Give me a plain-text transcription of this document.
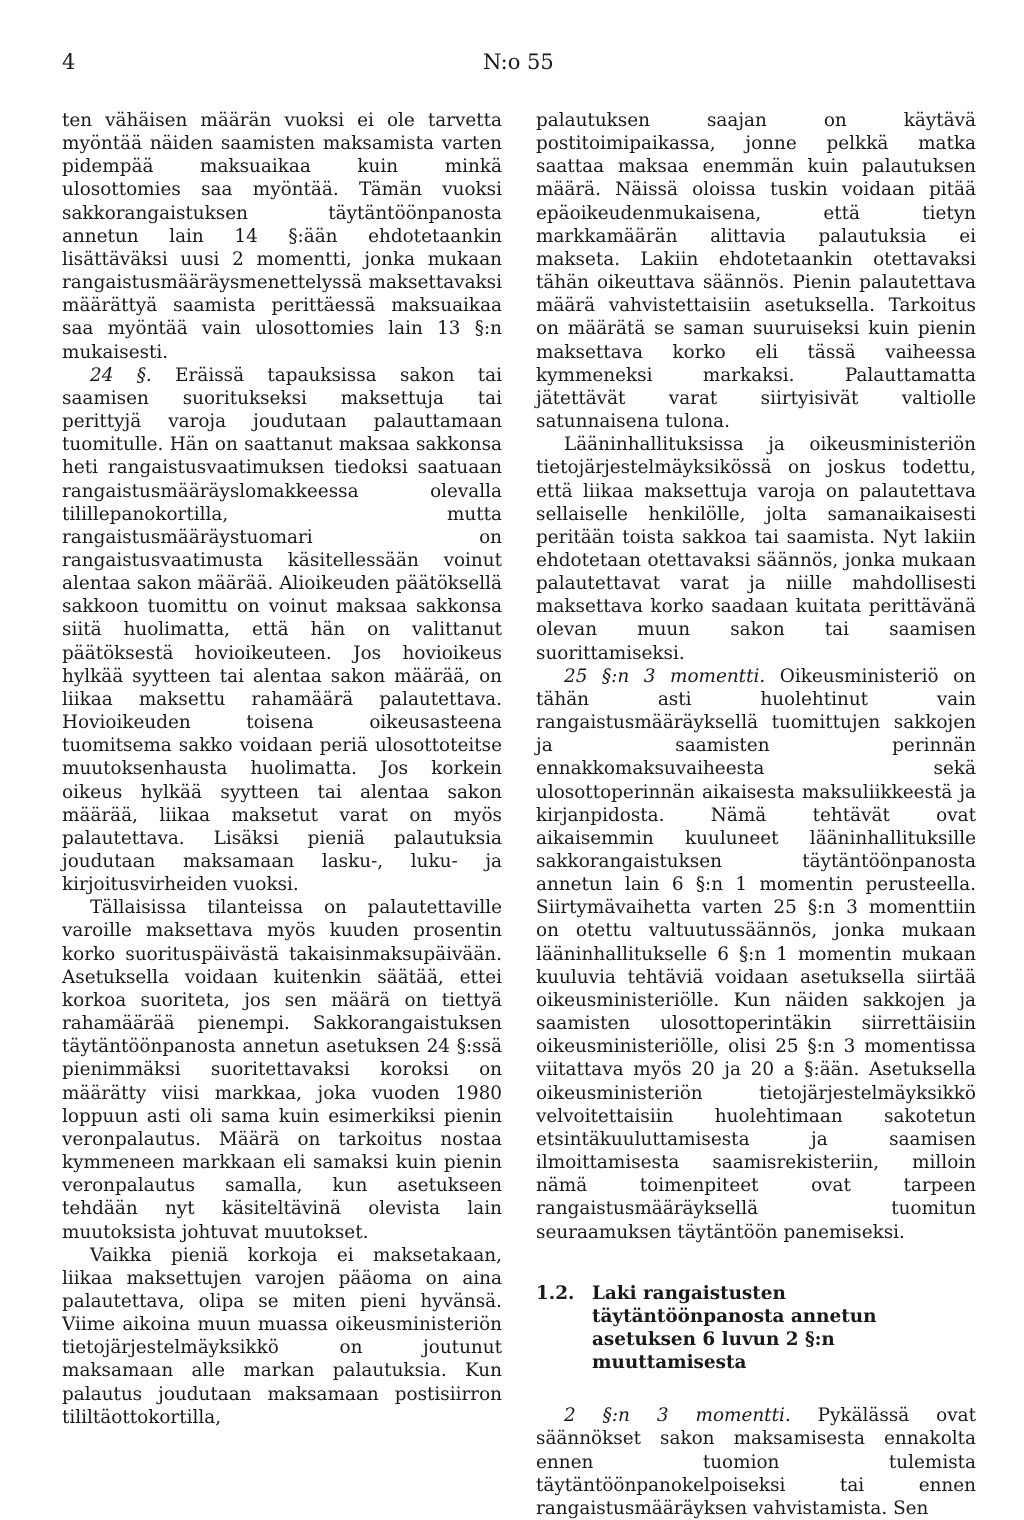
4	N:o 55

ten vähäisen määrän vuoksi ei ole tarvetta myöntää näiden saamisten maksamista varten pidempää maksuaikaa kuin minkä ulosottomies saa myöntää. Tämän vuoksi sakkorangaistuksen täytäntöönpanosta annetun lain 14 §:ään ehdotetaankin lisättäväksi uusi 2 momentti, jonka mukaan rangaistusmääräysmenettelyssä maksettavaksi määrättyä saamista perittäessä maksuaikaa saa myöntää vain ulosottomies lain 13 §:n mukaisesti.

24 §. Eräissä tapauksissa sakon tai saamisen suoritukseksi maksettuja tai perittyjä varoja joudutaan palauttamaan tuomitulle. Hän on saattanut maksaa sakkonsa heti rangaistusvaatimuksen tiedoksi saatuaan rangaistusmääräyslomakkeessa olevalla tilillepanokortilla, mutta rangaistusmääräystuomari on rangaistusvaatimusta käsitellessään voinut alentaa sakon määrää. Alioikeuden päätöksellä sakkoon tuomittu on voinut maksaa sakkonsa siitä huolimatta, että hän on valittanut päätöksestä hovioikeuteen. Jos hovioikeus hylkää syytteen tai alentaa sakon määrää, on liikaa maksettu rahamäärä palautettava. Hovioikeuden toisena oikeusasteena tuomitsema sakko voidaan periä ulosottoteitse muutoksenhausta huolimatta. Jos korkein oikeus hylkää syytteen tai alentaa sakon määrää, liikaa maksetut varat on myös palautettava. Lisäksi pieniä palautuksia joudutaan maksamaan lasku-, luku- ja kirjoitusvirheiden vuoksi.

Tällaisissa tilanteissa on palautettaville varoille maksettava myös kuuden prosentin korko suorituspäivästä takaisinmaksupäivään. Asetuksella voidaan kuitenkin säätää, ettei korkoa suoriteta, jos sen määrä on tiettyä rahamäärää pienempi. Sakkorangaistuksen täytäntöönpanosta annetun asetuksen 24 §:ssä pienimmäksi suoritettavaksi koroksi on määrätty viisi markkaa, joka vuoden 1980 loppuun asti oli sama kuin esimerkiksi pienin veronpalautus. Määrä on tarkoitus nostaa kymmeneen markkaan eli samaksi kuin pienin veronpalautus samalla, kun asetukseen tehdään nyt käsiteltävinä olevista lain muutoksista johtuvat muutokset.

Vaikka pieniä korkoja ei maksetakaan, liikaa maksettujen varojen pääoma on aina palautettava, olipa se miten pieni hyvänsä. Viime aikoina muun muassa oikeusministeriön tietojärjestelmäyksikkö on joutunut maksamaan alle markan palautuksia. Kun palautus joudutaan maksamaan postisiirron tililtäottokortilla,

palautuksen saajan on käytävä postitoimipaikassa, jonne pelkkä matka saattaa maksaa enemmän kuin palautuksen määrä. Näissä oloissa tuskin voidaan pitää epäoikeudenmukaisena, että tietyn markkamäärän alittavia palautuksia ei makseta. Lakiin ehdotetaankin otettavaksi tähän oikeuttava säännös. Pienin palautettava määrä vahvistettaisiin asetuksella. Tarkoitus on määrätä se saman suuruiseksi kuin pienin maksettava korko eli tässä vaiheessa kymmeneksi markaksi. Palauttamatta jätettävät varat siirtyisivät valtiolle satunnaisena tulona.

Lääninhallituksissa ja oikeusministeriön tietojärjestelmäyksikössä on joskus todettu, että liikaa maksettuja varoja on palautettava sellaiselle henkilölle, jolta samanaikaisesti peritään toista sakkoa tai saamista. Nyt lakiin ehdotetaan otettavaksi säännös, jonka mukaan palautettavat varat ja niille mahdollisesti maksettava korko saadaan kuitata perittävänä olevan muun sakon tai saamisen suorittamiseksi.

25 §:n 3 momentti. Oikeusministeriö on tähän asti huolehtinut vain rangaistusmääräyksellä tuomittujen sakkojen ja saamisten perinnän ennakkomaksuvaiheesta sekä ulosottoperinnän aikaisesta maksuliikkeestä ja kirjanpidosta. Nämä tehtävät ovat aikaisemmin kuuluneet lääninhallituksille sakkorangaistuksen täytäntöönpanosta annetun lain 6 §:n 1 momentin perusteella. Siirtymävaihetta varten 25 §:n 3 momenttiin on otettu valtuutussäännös, jonka mukaan lääninhallitukselle 6 §:n 1 momentin mukaan kuuluvia tehtäviä voidaan asetuksella siirtää oikeusministeriölle. Kun näiden sakkojen ja saamisten ulosottoperintäkin siirrettäisiin oikeusministeriölle, olisi 25 §:n 3 momentissa viitattava myös 20 ja 20 a §:ään. Asetuksella oikeusministeriön tietojärjestelmäyksikkö velvoitettaisiin huolehtimaan sakotetun etsintäkuuluttamisesta ja saamisen ilmoittamisesta saamisrekisteriin, milloin nämä toimenpiteet ovat tarpeen rangaistusmääräyksellä tuomitun seuraamuksen täytäntöön panemiseksi.

1.2. Laki rangaistusten täytäntöönpanosta annetun asetuksen 6 luvun 2 §:n muuttamisesta

2 §:n 3 momentti. Pykälässä ovat säännökset sakon maksamisesta ennakolta ennen tuomion tulemista täytäntöönpanokelpoiseksi tai ennen rangaistusmääräyksen vahvistamista. Sen
